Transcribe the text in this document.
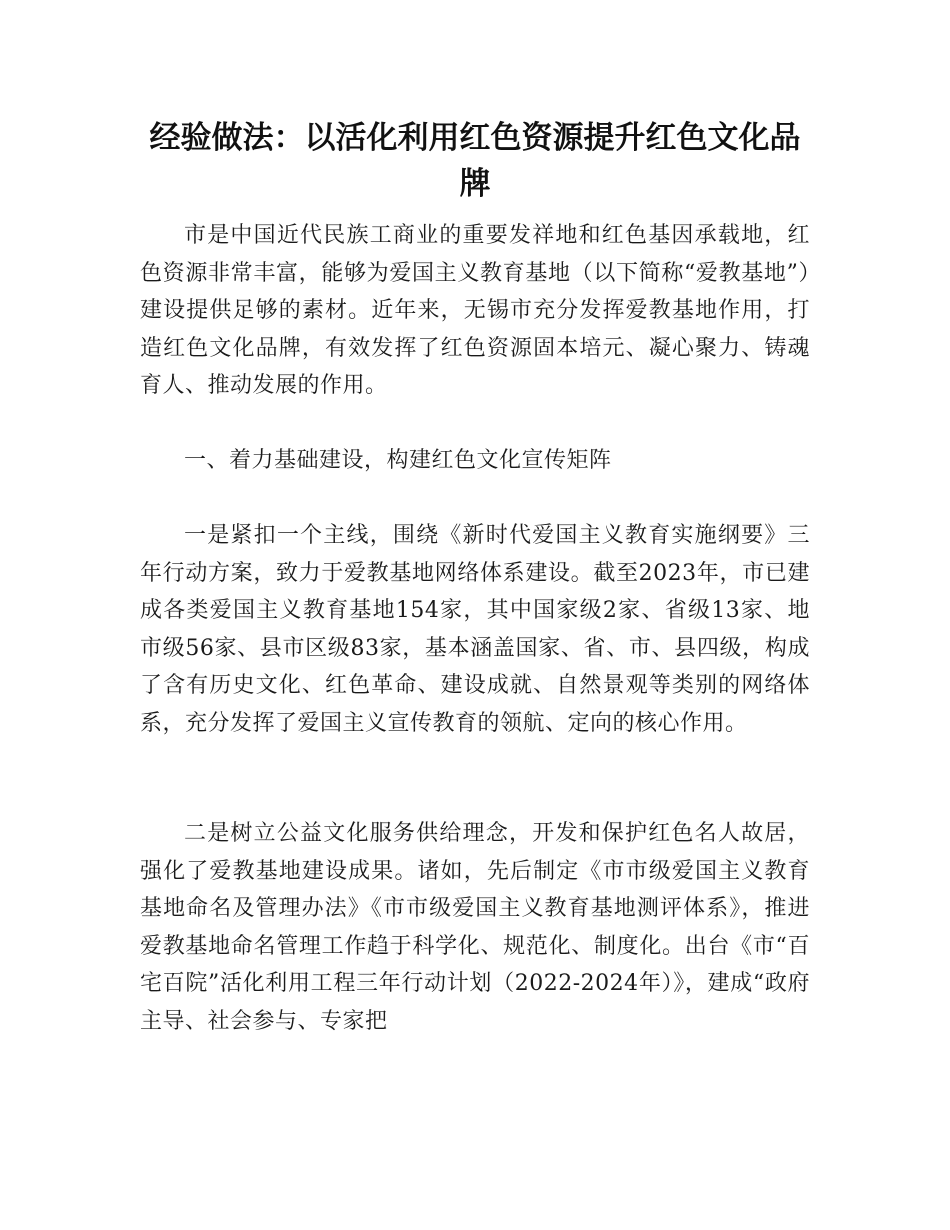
经验做法：以活化利用红色资源提升红色文化品牌

市是中国近代民族工商业的重要发祥地和红色基因承载地，红色资源非常丰富，能够为爱国主义教育基地（以下简称“爱教基地”）建设提供足够的素材。近年来，无锡市充分发挥爱教基地作用，打造红色文化品牌，有效发挥了红色资源固本培元、凝心聚力、铸魂育人、推动发展的作用。

一、着力基础建设，构建红色文化宣传矩阵

一是紧扣一个主线，围绕《新时代爱国主义教育实施纲要》三年行动方案，致力于爱教基地网络体系建设。截至2023年，市已建成各类爱国主义教育基地154家，其中国家级2家、省级13家、地市级56家、县市区级83家，基本涵盖国家、省、市、县四级，构成了含有历史文化、红色革命、建设成就、自然景观等类别的网络体系，充分发挥了爱国主义宣传教育的领航、定向的核心作用。

二是树立公益文化服务供给理念，开发和保护红色名人故居，强化了爱教基地建设成果。诸如，先后制定《市市级爱国主义教育基地命名及管理办法》《市市级爱国主义教育基地测评体系》，推进爱教基地命名管理工作趋于科学化、规范化、制度化。出台《市“百宅百院”活化利用工程三年行动计划（2022-2024年）》，建成“政府主导、社会参与、专家把
